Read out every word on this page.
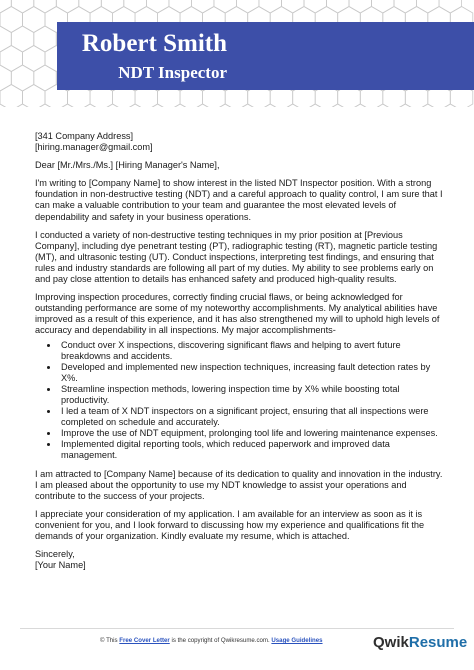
Robert Smith
NDT Inspector

[341 Company Address]
[hiring.manager@gmail.com]

Dear [Mr./Mrs./Ms.] [Hiring Manager's Name],

I'm writing to [Company Name] to show interest in the listed NDT Inspector position. With a strong foundation in non-destructive testing (NDT) and a careful approach to quality control, I am sure that I can make a valuable contribution to your team and guarantee the most elevated levels of dependability and safety in your business operations.

I conducted a variety of non-destructive testing techniques in my prior position at [Previous Company], including dye penetrant testing (PT), radiographic testing (RT), magnetic particle testing (MT), and ultrasonic testing (UT). Conduct inspections, interpreting test findings, and ensuring that rules and industry standards are following all part of my duties. My ability to see problems early on and pay close attention to details has enhanced safety and produced high-quality results.

Improving inspection procedures, correctly finding crucial flaws, or being acknowledged for outstanding performance are some of my noteworthy accomplishments. My analytical abilities have improved as a result of this experience, and it has also strengthened my will to uphold high levels of accuracy and dependability in all inspections. My major accomplishments-

• Conduct over X inspections, discovering significant flaws and helping to avert future breakdowns and accidents.
• Developed and implemented new inspection techniques, increasing fault detection rates by X%.
• Streamline inspection methods, lowering inspection time by X% while boosting total productivity.
• I led a team of X NDT inspectors on a significant project, ensuring that all inspections were completed on schedule and accurately.
• Improve the use of NDT equipment, prolonging tool life and lowering maintenance expenses.
• Implemented digital reporting tools, which reduced paperwork and improved data management.

I am attracted to [Company Name] because of its dedication to quality and innovation in the industry. I am pleased about the opportunity to use my NDT knowledge to assist your operations and contribute to the success of your projects.

I appreciate your consideration of my application. I am available for an interview as soon as it is convenient for you, and I look forward to discussing how my experience and qualifications fit the demands of your organization. Kindly evaluate my resume, which is attached.

Sincerely,
[Your Name]

© This Free Cover Letter is the copyright of Qwikresume.com. Usage Guidelines	QwikResume
